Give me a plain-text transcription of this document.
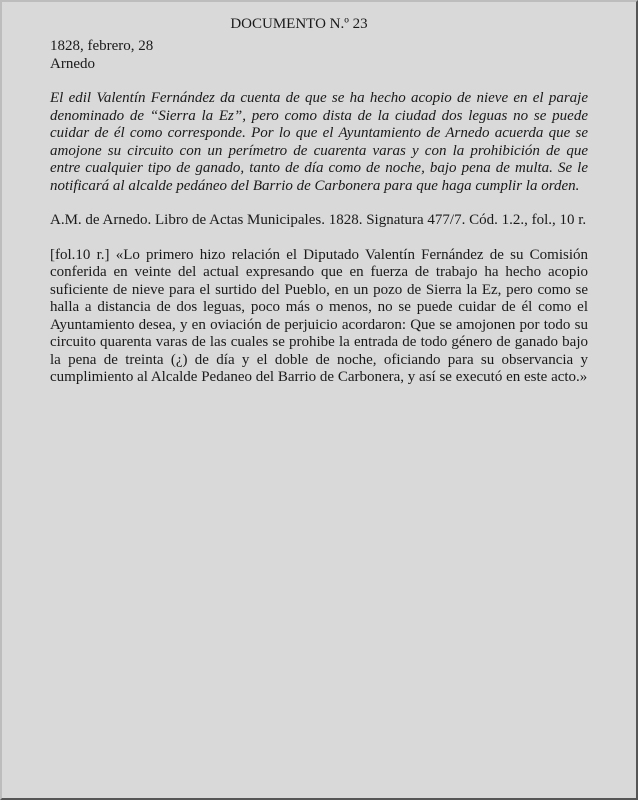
DOCUMENTO N.º 23

1828, febrero, 28

Arnedo

El edil Valentín Fernández da cuenta de que se ha hecho acopio de nieve en el paraje denominado de “Sierra la Ez”, pero como dista de la ciudad dos leguas no se puede cuidar de él como corresponde. Por lo que el Ayuntamiento de Arnedo acuerda que se amojone su circuito con un perímetro de cuarenta varas y con la prohibición de que entre cualquier tipo de ganado, tanto de día como de noche, bajo pena de multa. Se le notificará al alcalde pedáneo del Barrio de Carbonera para que haga cumplir la orden.

A.M. de Arnedo. Libro de Actas Municipales. 1828. Signatura 477/7. Cód. 1.2., fol., 10 r.

[fol.10 r.] «Lo primero hizo relación el Diputado Valentín Fernández de su Comisión conferida en veinte del actual expresando que en fuerza de trabajo ha hecho acopio suficiente de nieve para el surtido del Pueblo, en un pozo de Sierra la Ez, pero como se halla a distancia de dos leguas, poco más o menos, no se puede cuidar de él como el Ayuntamiento desea, y en oviación de perjuicio acordaron: Que se amojonen por todo su circuito quarenta varas de las cuales se prohibe la entrada de todo género de ganado bajo la pena de treinta (¿) de día y el doble de noche, oficiando para su observancia y cumplimiento al Alcalde Pedaneo del Barrio de Carbonera, y así se executó en este acto.»
